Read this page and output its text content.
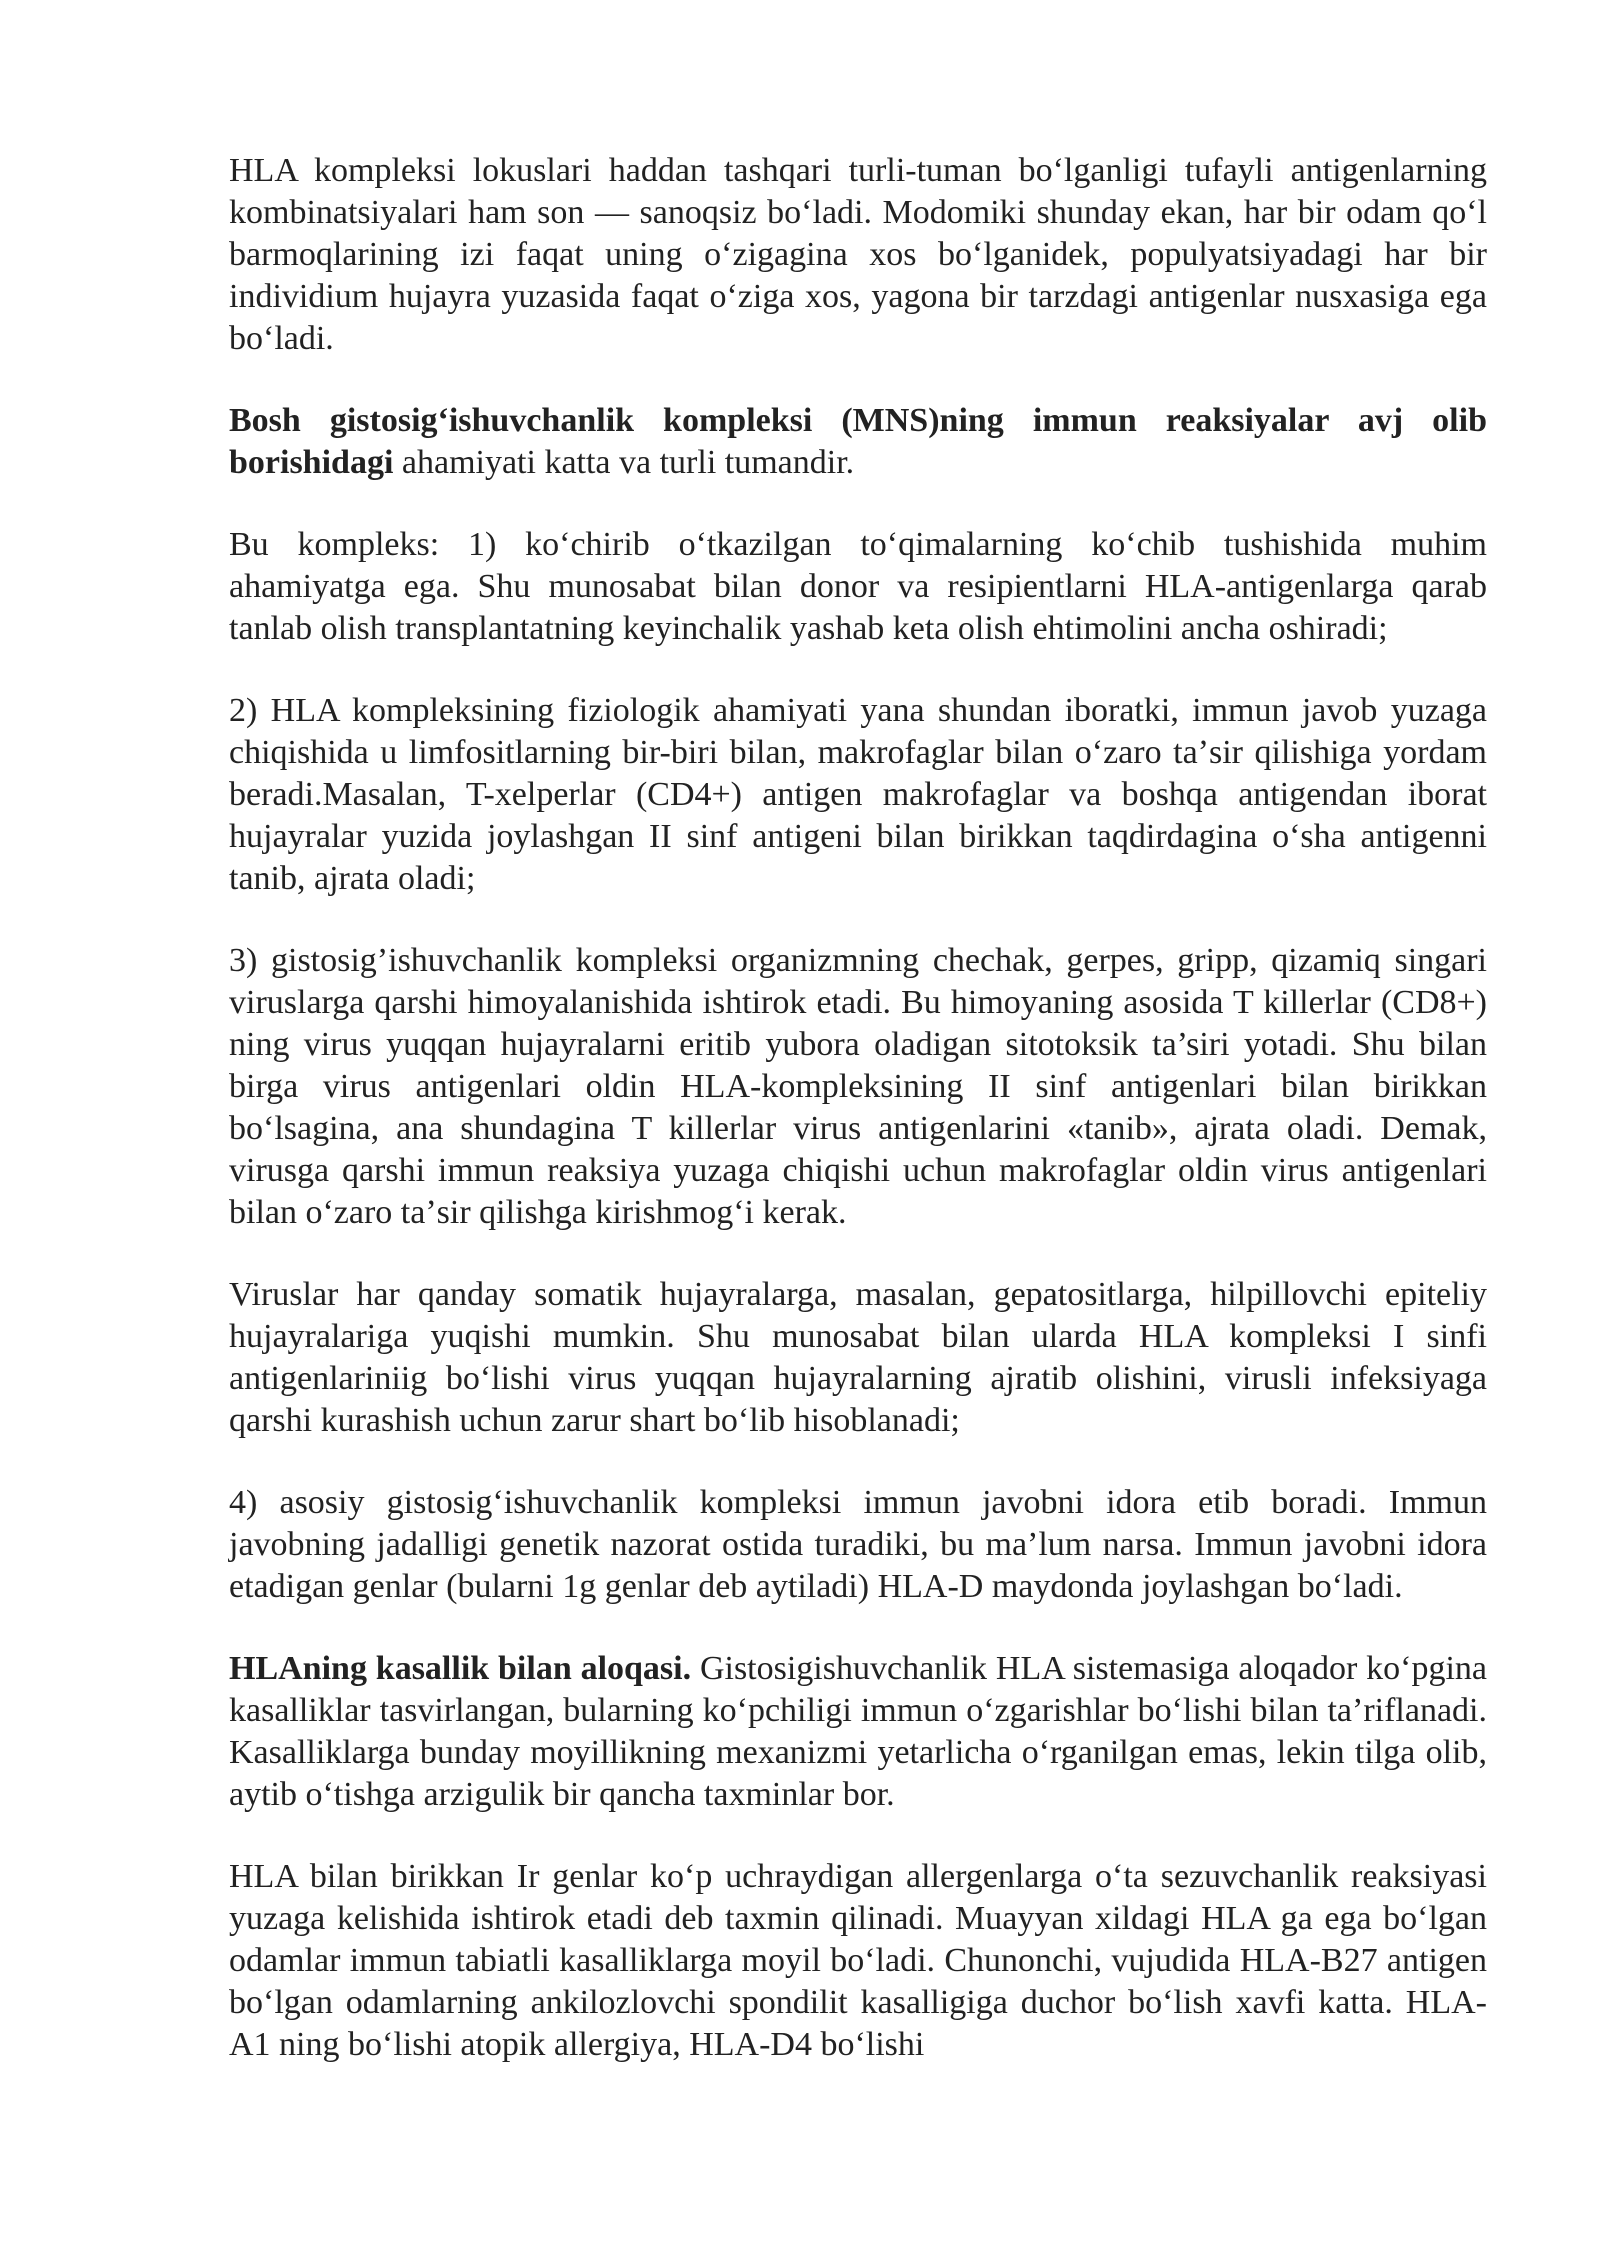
HLA kompleksi lokuslari haddan tashqari turli-tuman boʻlganligi tufayli antigenlarning kombinatsiyalari ham son — sanoqsiz boʻladi. Modomiki shunday ekan, har bir odam qoʻl barmoqlarining izi faqat uning oʻzigagina xos boʻlganidek, populyatsiyadagi har bir individium hujayra yuzasida faqat oʻziga xos, yagona bir tarzdagi antigenlar nusxasiga ega boʻladi.

Bosh gistosigʻishuvchanlik kompleksi (MNS)ning immun reaksiyalar avj olib borishidagi ahamiyati katta va turli tumandir.

Bu kompleks: 1) koʻchirib oʻtkazilgan toʻqimalarning koʻchib tushishida muhim ahamiyatga ega. Shu munosabat bilan donor va resipientlarni HLA-antigenlarga qarab tanlab olish transplantatning keyinchalik yashab keta olish ehtimolini ancha oshiradi;

2) HLA kompleksining fiziologik ahamiyati yana shundan iboratki, immun javob yuzaga chiqishida u limfositlarning bir-biri bilan, makrofaglar bilan oʻzaro taʼsir qilishiga yordam beradi.Masalan, T-xelperlar (CD4+) antigen makrofaglar va boshqa antigendan iborat hujayralar yuzida joylashgan II sinf antigeni bilan birikkan taqdirdagina oʻsha antigenni tanib, ajrata oladi;

3) gistosig’ishuvchanlik kompleksi organizmning chechak, gerpes, gripp, qizamiq singari viruslarga qarshi himoyalanishida ishtirok etadi. Bu himoyaning asosida T killerlar (CD8+) ning virus yuqqan hujayralarni eritib yubora oladigan sitotoksik ta’siri yotadi. Shu bilan birga virus antigenlari oldin HLA-kompleksining II sinf antigenlari bilan birikkan boʻlsagina, ana shundagina T killerlar virus antigenlarini «tanib», ajrata oladi. Demak, virusga qarshi immun reaksiya yuzaga chiqishi uchun makrofaglar oldin virus antigenlari bilan oʻzaro taʼsir qilishga kirishmogʻi kerak.

Viruslar har qanday somatik hujayralarga, masalan, gepatositlarga, hilpillovchi epiteliy hujayralariga yuqishi mumkin. Shu munosabat bilan ularda HLA kompleksi I sinfi antigenlariniig boʻlishi virus yuqqan hujayralarning ajratib olishini, virusli infeksiyaga qarshi kurashish uchun zarur shart boʻlib hisoblanadi;

4) asosiy gistosigʻishuvchanlik kompleksi immun javobni idora etib boradi. Immun javobning jadalligi genetik nazorat ostida turadiki, bu ma’lum narsa. Immun javobni idora etadigan genlar (bularni 1g genlar deb aytiladi) HLA-D maydonda joylashgan boʻladi.

HLAning kasallik bilan aloqasi. Gistosigishuvchanlik HLA sistemasiga aloqador koʻpgina kasalliklar tasvirlangan, bularning koʻpchiligi immun oʻzgarishlar boʻlishi bilan ta’riflanadi. Kasalliklarga bunday moyillikning mexanizmi yetarlicha oʻrganilgan emas, lekin tilga olib, aytib oʻtishga arzigulik bir qancha taxminlar bor.

HLA bilan birikkan Ir genlar koʻp uchraydigan allergenlarga oʻta sezuvchanlik reaksiyasi yuzaga kelishida ishtirok etadi deb taxmin qilinadi. Muayyan xildagi HLA ga ega boʻlgan odamlar immun tabiatli kasalliklarga moyil boʻladi. Chunonchi, vujudida HLA-B27 antigen boʻlgan odamlarning ankilozlovchi spondilit kasalligiga duchor boʻlish xavfi katta. HLA-A1 ning boʻlishi atopik allergiya, HLA-D4 boʻlishi
